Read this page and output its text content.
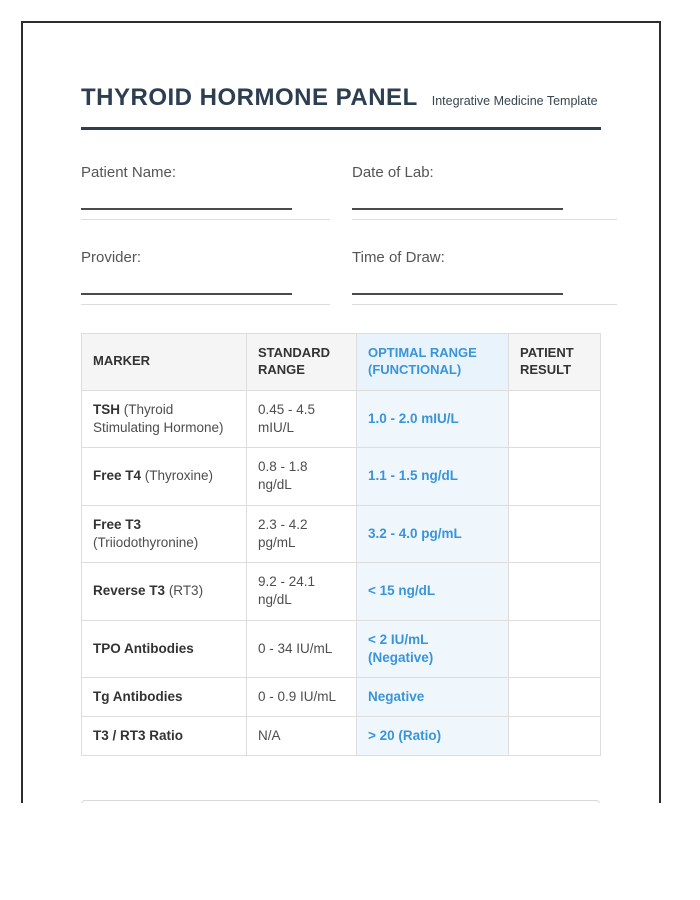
THYROID HORMONE PANEL Integrative Medicine Template
Patient Name:	Date of Lab:
Provider:	Time of Draw:
MARKER	STANDARD RANGE	OPTIMAL RANGE (FUNCTIONAL)	PATIENT RESULT
TSH (Thyroid Stimulating Hormone)	0.45 - 4.5 mIU/L	1.0 - 2.0 mIU/L	
Free T4 (Thyroxine)	0.8 - 1.8 ng/dL	1.1 - 1.5 ng/dL	
Free T3 (Triiodothyronine)	2.3 - 4.2 pg/mL	3.2 - 4.0 pg/mL	
Reverse T3 (RT3)	9.2 - 24.1 ng/dL	< 15 ng/dL	
TPO Antibodies	0 - 34 IU/mL	< 2 IU/mL (Negative)	
Tg Antibodies	0 - 0.9 IU/mL	Negative	
T3 / RT3 Ratio	N/A	> 20 (Ratio)	
